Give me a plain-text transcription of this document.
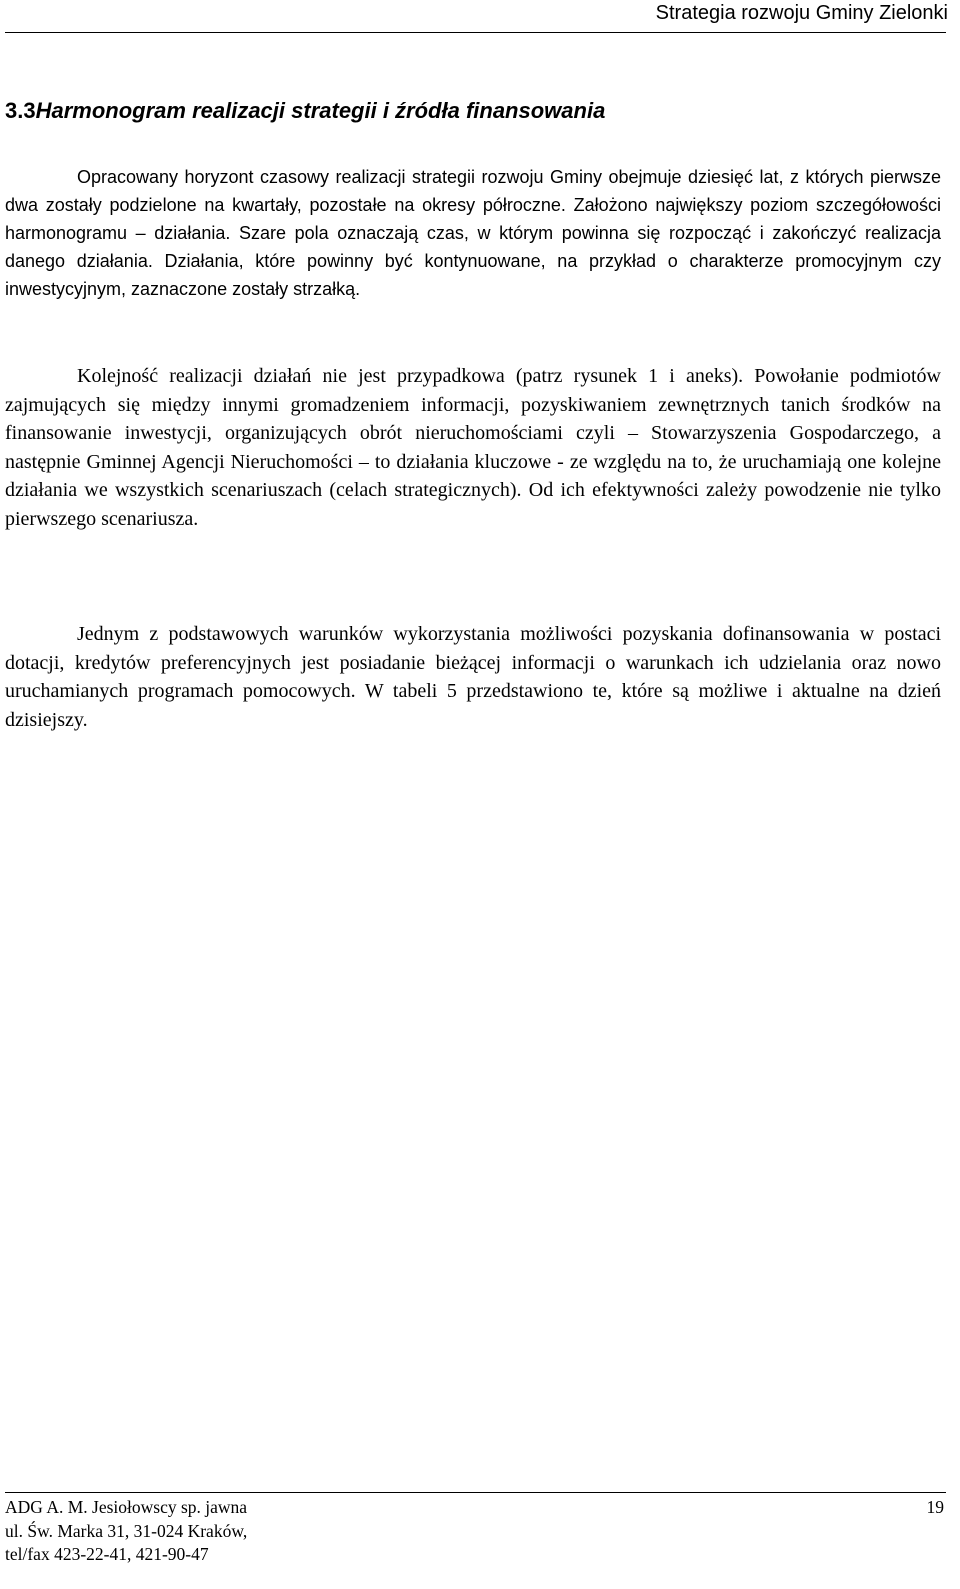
Strategia rozwoju Gminy Zielonki
3.3Harmonogram realizacji strategii i źródła finansowania

Opracowany horyzont czasowy realizacji strategii rozwoju Gminy obejmuje dziesięć lat, z których pierwsze dwa zostały podzielone na kwartały, pozostałe na okresy półroczne. Założono największy poziom szczegółowości harmonogramu – działania. Szare pola oznaczają czas, w którym powinna się rozpocząć i zakończyć realizacja danego działania. Działania, które powinny być kontynuowane, na przykład o charakterze promocyjnym czy inwestycyjnym, zaznaczone zostały strzałką.

Kolejność realizacji działań nie jest przypadkowa (patrz rysunek 1 i aneks). Powołanie podmiotów zajmujących się między innymi gromadzeniem informacji, pozyskiwaniem zewnętrznych tanich środków na finansowanie inwestycji, organizujących obrót nieruchomościami czyli – Stowarzyszenia Gospodarczego, a następnie Gminnej Agencji Nieruchomości – to działania kluczowe - ze względu na to, że uruchamiają one kolejne działania we wszystkich scenariuszach (celach strategicznych). Od ich efektywności zależy powodzenie nie tylko pierwszego scenariusza.

Jednym z podstawowych warunków wykorzystania możliwości pozyskania dofinansowania w postaci dotacji, kredytów preferencyjnych jest posiadanie bieżącej informacji o warunkach ich udzielania oraz nowo uruchamianych programach pomocowych. W tabeli 5 przedstawiono te, które są możliwe i aktualne na dzień dzisiejszy.

ADG A. M. Jesiołowscy sp. jawna
ul. Św. Marka 31, 31-024 Kraków,
tel/fax 423-22-41, 421-90-47
19
